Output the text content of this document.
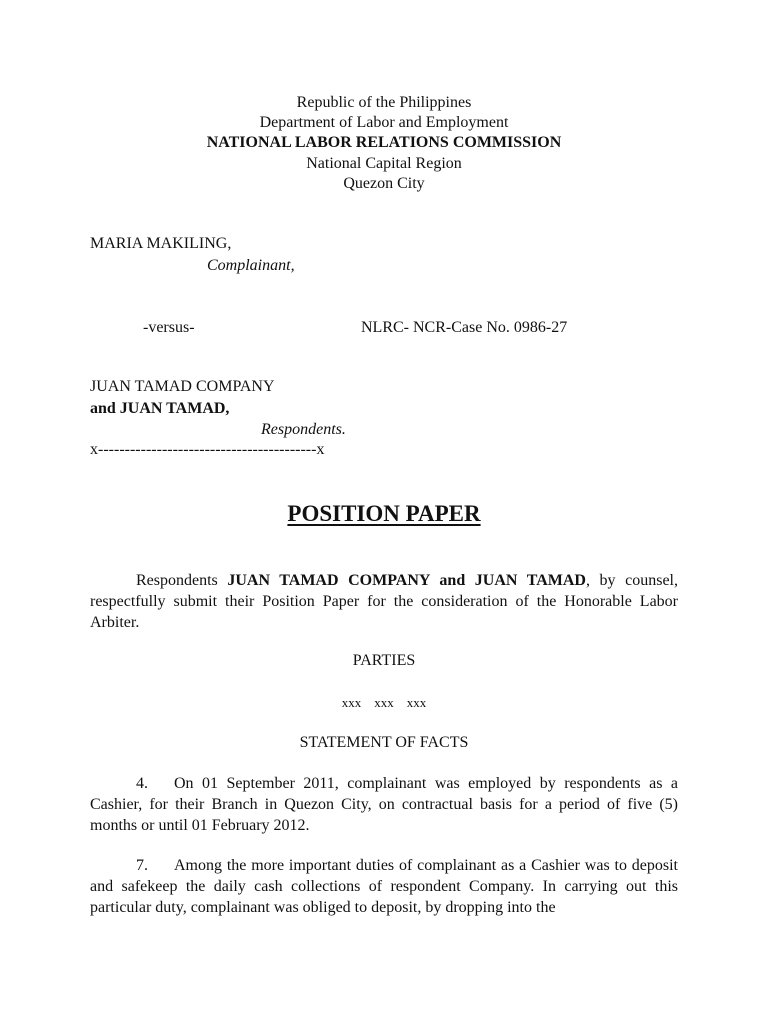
Republic of the Philippines
Department of Labor and Employment
NATIONAL LABOR RELATIONS COMMISSION
National Capital Region
Quezon City
MARIA MAKILING,
Complainant,
-versus-	NLRC- NCR-Case No. 0986-27
JUAN TAMAD COMPANY
and JUAN TAMAD,
Respondents.
x-----------------------------------------x
POSITION PAPER
Respondents JUAN TAMAD COMPANY and JUAN TAMAD, by counsel, respectfully submit their Position Paper for the consideration of the Honorable Labor Arbiter.
PARTIES
xxx    xxx    xxx
STATEMENT OF FACTS
4. On 01 September 2011, complainant was employed by respondents as a Cashier, for their Branch in Quezon City, on contractual basis for a period of five (5) months or until 01 February 2012.
7. Among the more important duties of complainant as a Cashier was to deposit and safekeep the daily cash collections of respondent Company. In carrying out this particular duty, complainant was obliged to deposit, by dropping into the
